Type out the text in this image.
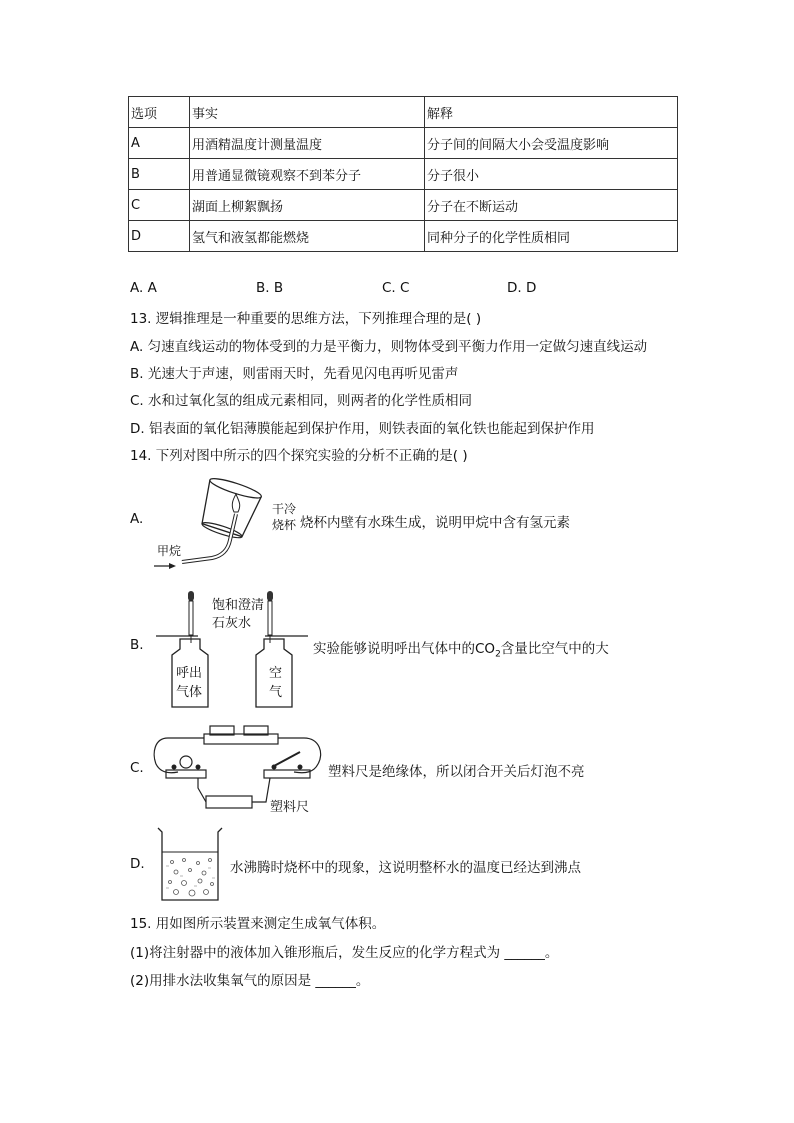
选项	事实	解释
A	用酒精温度计测量温度	分子间的间隔大小会受温度影响
B	用普通显微镜观察不到苯分子	分子很小
C	湖面上柳絮飘扬	分子在不断运动
D	氢气和液氢都能燃烧	同种分子的化学性质相同
A. A	B. B	C. C	D. D
13. 逻辑推理是一种重要的思维方法，下列推理合理的是( )
A. 匀速直线运动的物体受到的力是平衡力，则物体受到平衡力作用一定做匀速直线运动
B. 光速大于声速，则雷雨天时，先看见闪电再听见雷声
C. 水和过氧化氢的组成元素相同，则两者的化学性质相同
D. 铝表面的氧化铝薄膜能起到保护作用，则铁表面的氧化铁也能起到保护作用
14. 下列对图中所示的四个探究实验的分析不正确的是( )
A.
干冷
烧杯 烧杯内壁有水珠生成，说明甲烷中含有氢元素
甲烷
B.
饱和澄清
石灰水
呼出
气体
空
气
实验能够说明呼出气体中的$CO_2$含量比空气中的大
C.
塑料尺
塑料尺是绝缘体，所以闭合开关后灯泡不亮
D.	水沸腾时烧杯中的现象，这说明整杯水的温度已经达到沸点
15. 用如图所示装置来测定生成氧气体积。
(1)将注射器中的液体加入锥形瓶后，发生反应的化学方程式为 ______。
(2)用排水法收集氧气的原因是 ______。
